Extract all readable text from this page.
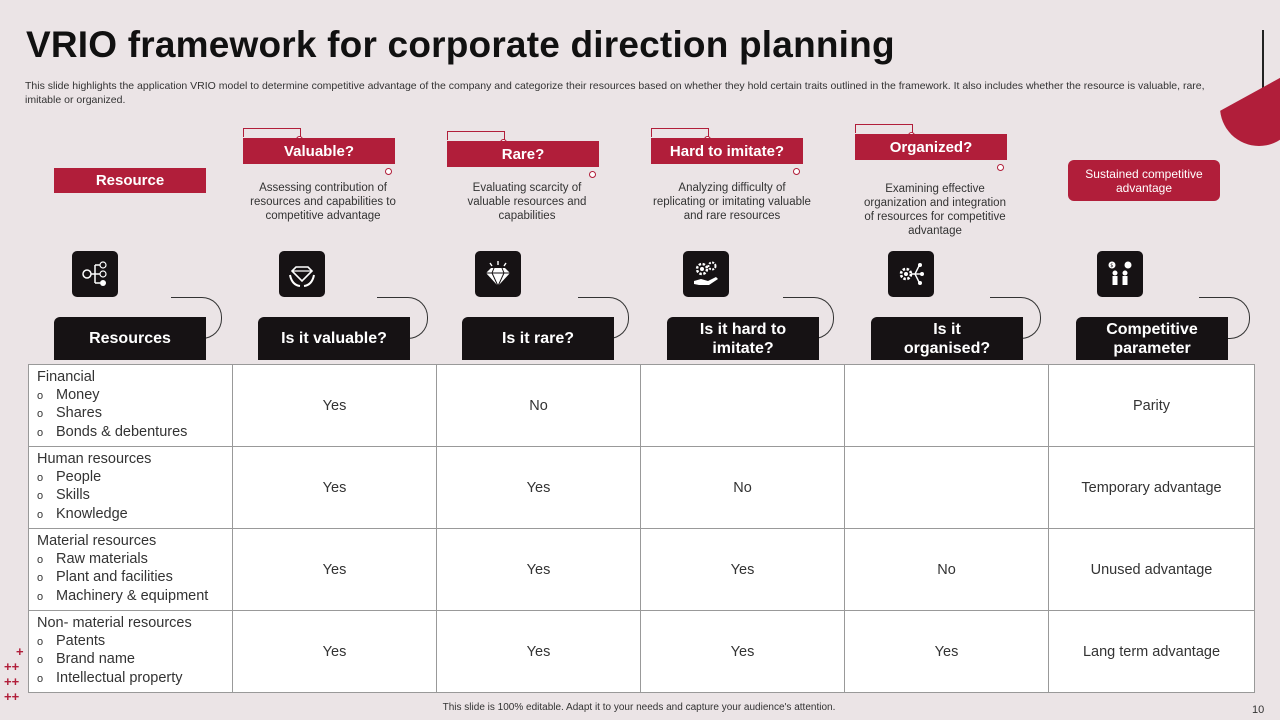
VRIO framework for corporate direction planning
This slide highlights the application VRIO model to determine competitive advantage of the company and categorize their resources based on whether they hold certain traits outlined in the framework. It also includes whether the resource is valuable, rare, imitable or organized.
Resource
Valuable?	Rare?	Hard to imitate?	Organized?
Sustained competitive advantage
Assessing contribution of resources and capabilities to competitive advantage
Evaluating scarcity of valuable resources and capabilities
Analyzing difficulty of replicating or imitating valuable and rare resources
Examining effective organization and integration of resources for competitive advantage
$
Resources	Is it valuable?	Is it rare?
Is it hard to imitate?
Is it organised?
Competitive parameter
Financial
o Money
o Shares
o Bonds & debentures	Yes	No			Parity

Human resources
o People
o Skills
o Knowledge	Yes	Yes	No		Temporary advantage

Material resources
o Raw materials
o Plant and facilities
o Machinery & equipment	Yes	Yes	Yes	No	Unused advantage

Non- material resources
o Patents
o Brand name
o Intellectual property	Yes	Yes	Yes	Yes	Lang term advantage
+
++
++
++
This slide is 100% editable. Adapt it to your needs and capture your audience's attention.	10
